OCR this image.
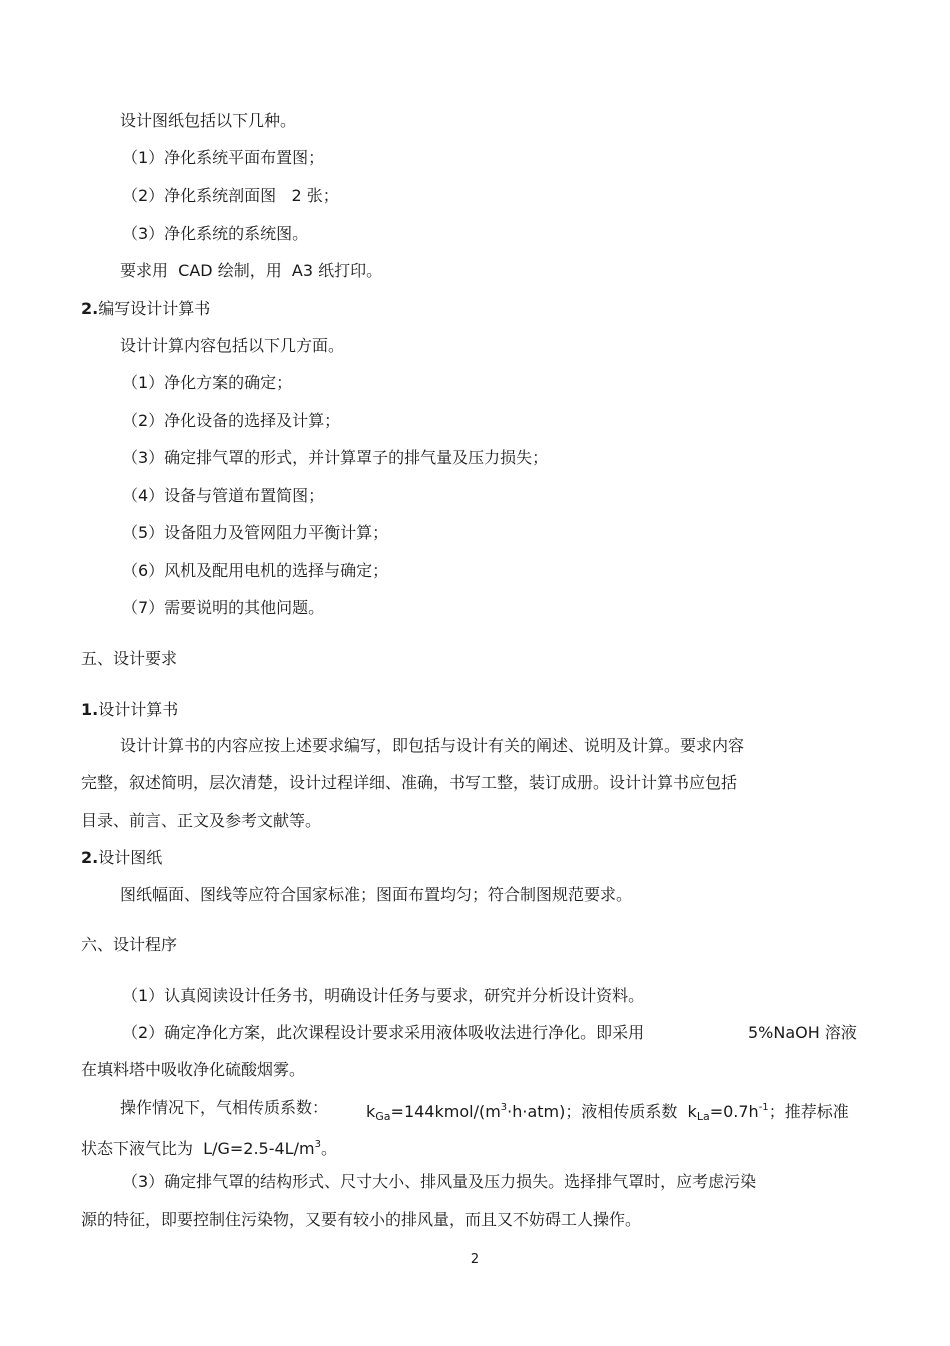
设计图纸包括以下几种。
（1）净化系统平面布置图；
（2）净化系统剖面图   2 张；
（3）净化系统的系统图。
要求用  CAD 绘制，用  A3 纸打印。
2.编写设计计算书
设计计算内容包括以下几方面。
（1）净化方案的确定；
（2）净化设备的选择及计算；
（3）确定排气罩的形式，并计算罩子的排气量及压力损失；
（4）设备与管道布置简图；
（5）设备阻力及管网阻力平衡计算；
（6）风机及配用电机的选择与确定；
（7）需要说明的其他问题。
五、设计要求
1.设计计算书
设计计算书的内容应按上述要求编写，即包括与设计有关的阐述、说明及计算。要求内容
完整，叙述简明，层次清楚，设计过程详细、准确，书写工整，装订成册。设计计算书应包括
目录、前言、正文及参考文献等。
2.设计图纸
图纸幅面、图线等应符合国家标准；图面布置均匀；符合制图规范要求。
六、设计程序
（1）认真阅读设计任务书，明确设计任务与要求，研究并分析设计资料。
（2）确定净化方案，此次课程设计要求采用液体吸收法进行净化。即采用	5%NaOH 溶液
在填料塔中吸收净化硫酸烟雾。
操作情况下，气相传质系数： $k_{Ga}=144kmol/(m^3\cdot h\cdot atm)$；液相传质系数  $k_{La}=0.7h^{-1}$；推荐标准
状态下液气比为  $L/G=2.5-4L/m^3$。
（3）确定排气罩的结构形式、尺寸大小、排风量及压力损失。选择排气罩时，应考虑污染
源的特征，即要控制住污染物，又要有较小的排风量，而且又不妨碍工人操作。
2
